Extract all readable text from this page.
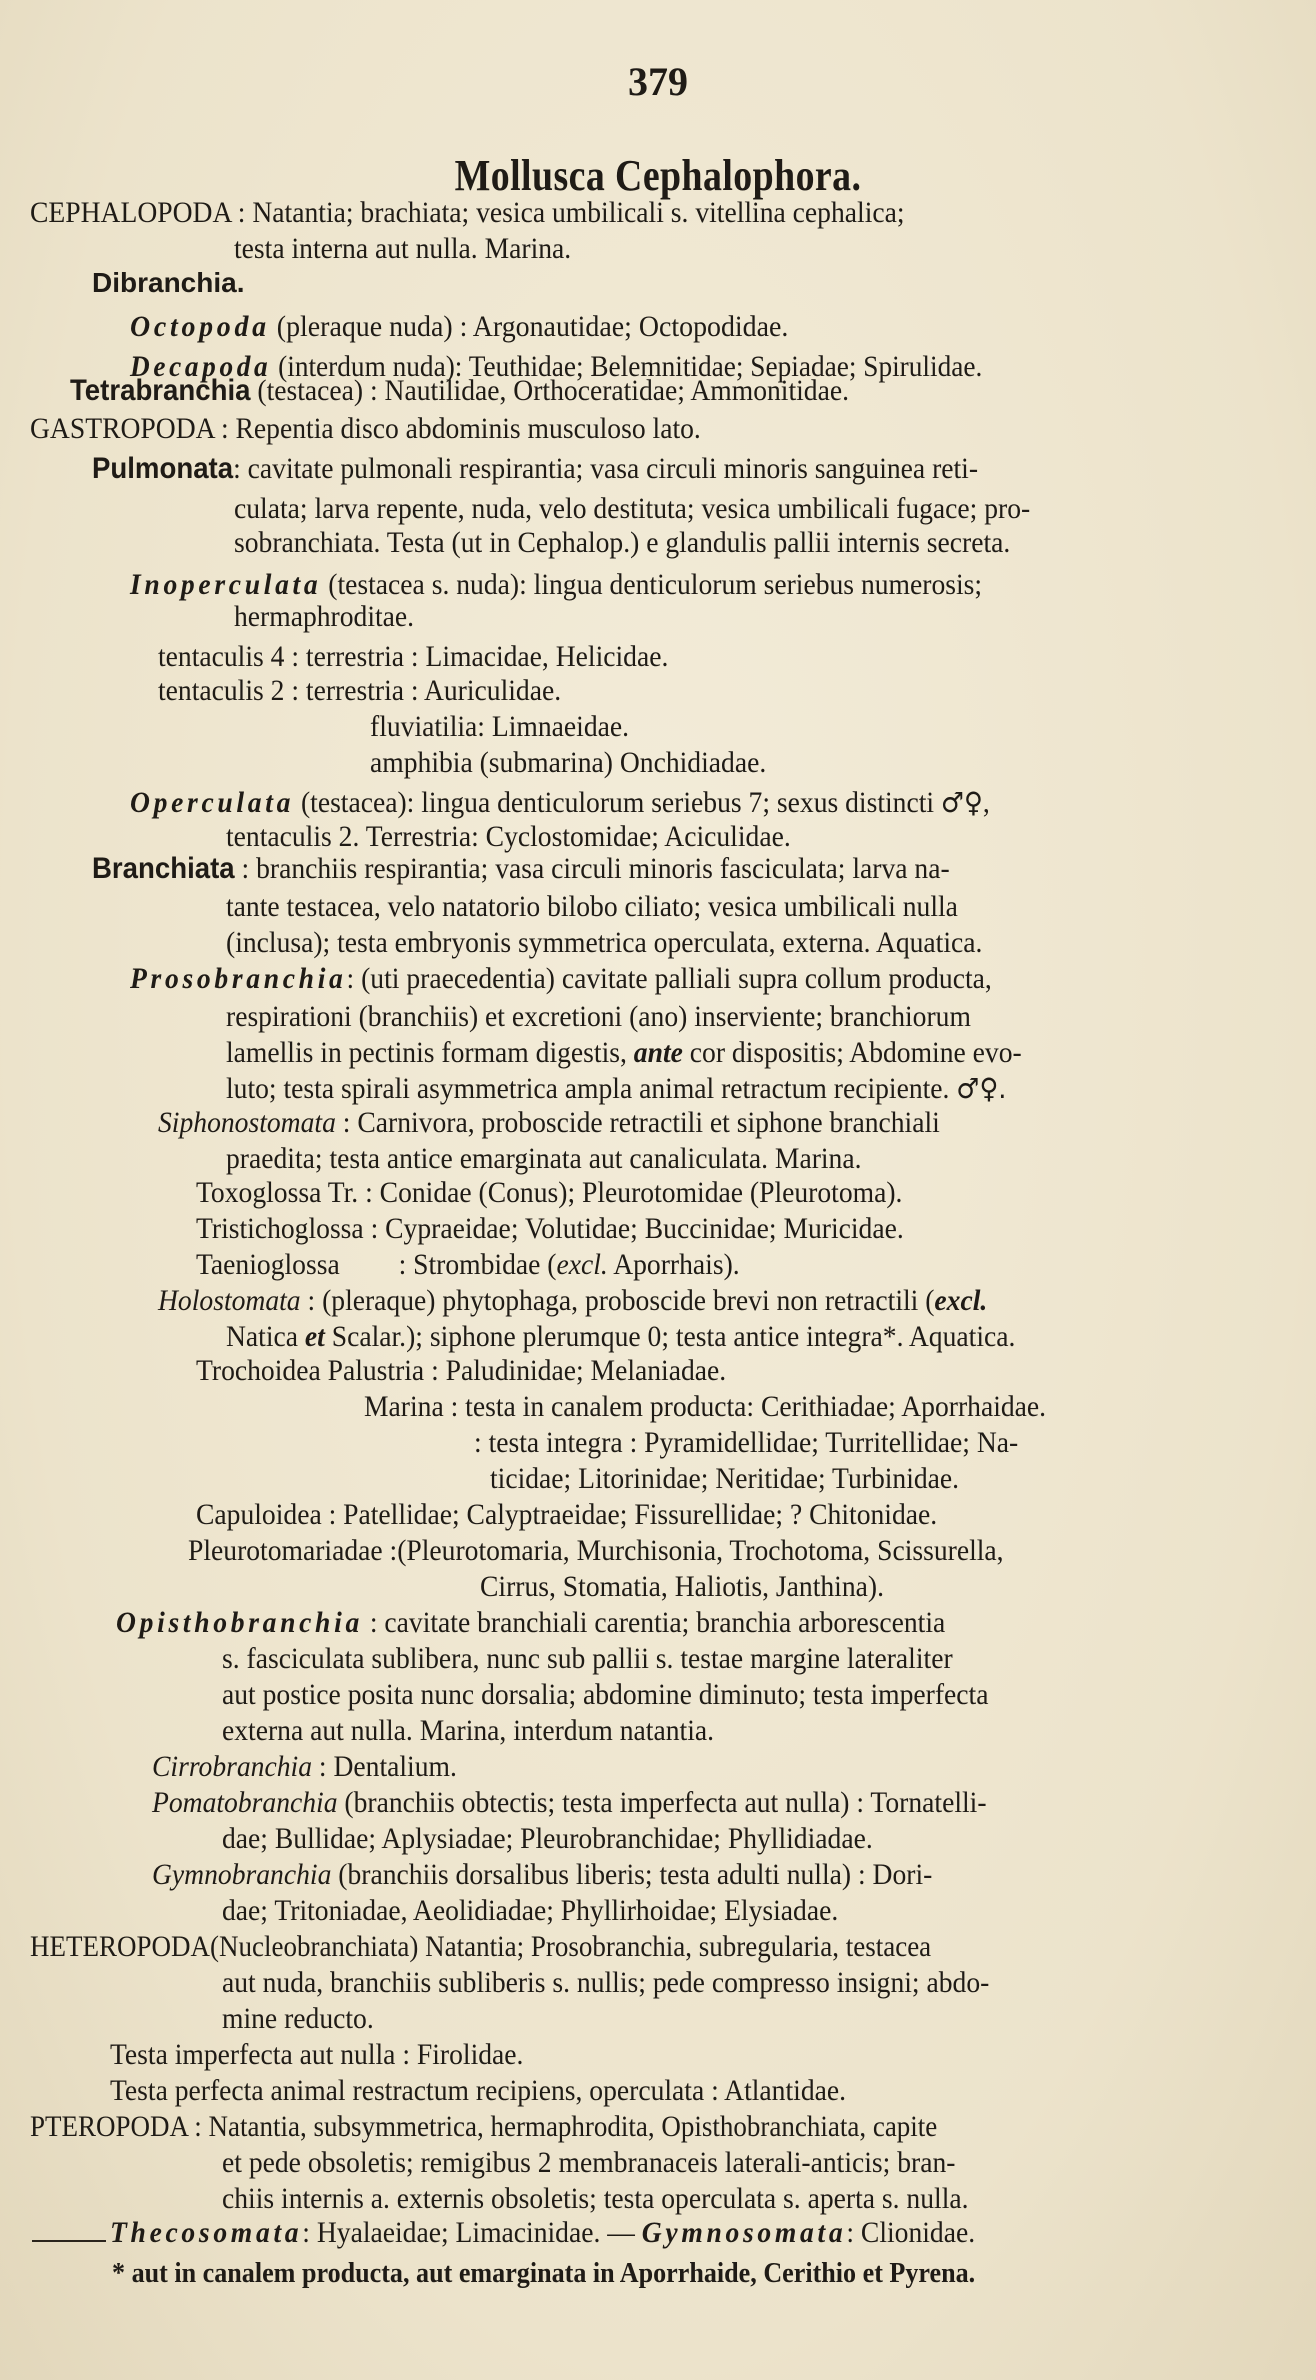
379
Mollusca Cephalophora.
CEPHALOPODA : Natantia; brachiata; vesica umbilicali s. vitellina cephalica;
testa interna aut nulla. Marina.
Dibranchia.
Octopoda (pleraque nuda) : Argonautidae; Octopodidae.
Decapoda (interdum nuda): Teuthidae; Belemnitidae; Sepiadae; Spirulidae.
Tetrabranchia (testacea) : Nautilidae, Orthoceratidae; Ammonitidae.
GASTROPODA : Repentia disco abdominis musculoso lato.
Pulmonata: cavitate pulmonali respirantia; vasa circuli minoris sanguinea reti-
culata; larva repente, nuda, velo destituta; vesica umbilicali fugace; pro-
sobranchiata. Testa (ut in Cephalop.) e glandulis pallii internis secreta.
Inoperculata (testacea s. nuda): lingua denticulorum seriebus numerosis;
hermaphroditae.
tentaculis 4 : terrestria : Limacidae, Helicidae.
tentaculis 2 : terrestria : Auriculidae.
fluviatilia: Limnaeidae.
amphibia (submarina) Onchidiadae.
Operculata (testacea): lingua denticulorum seriebus 7; sexus distincti ♂♀,
tentaculis 2. Terrestria: Cyclostomidae; Aciculidae.
Branchiata : branchiis respirantia; vasa circuli minoris fasciculata; larva na-
tante testacea, velo natatorio bilobo ciliato; vesica umbilicali nulla
(inclusa); testa embryonis symmetrica operculata, externa. Aquatica.
Prosobranchia: (uti praecedentia) cavitate palliali supra collum producta,
respirationi (branchiis) et excretioni (ano) inserviente; branchiorum
lamellis in pectinis formam digestis, ante cor dispositis; Abdomine evo-
luto; testa spirali asymmetrica ampla animal retractum recipiente. ♂♀.
Siphonostomata : Carnivora, proboscide retractili et siphone branchiali
praedita; testa antice emarginata aut canaliculata. Marina.
Toxoglossa Tr. : Conidae (Conus); Pleurotomidae (Pleurotoma).
Tristichoglossa : Cypraeidae; Volutidae; Buccinidae; Muricidae.
Taenioglossa : Strombidae (excl. Aporrhais).
Holostomata : (pleraque) phytophaga, proboscide brevi non retractili (excl.
Natica et Scalar.); siphone plerumque 0; testa antice integra*. Aquatica.
Trochoidea Palustria : Paludinidae; Melaniadae.
Marina : testa in canalem producta: Cerithiadae; Aporrhaidae.
: testa integra : Pyramidellidae; Turritellidae; Na-
ticidae; Litorinidae; Neritidae; Turbinidae.
Capuloidea : Patellidae; Calyptraeidae; Fissurellidae; ? Chitonidae.
Pleurotomariadae :(Pleurotomaria, Murchisonia, Trochotoma, Scissurella,
Cirrus, Stomatia, Haliotis, Janthina).
Opisthobranchia : cavitate branchiali carentia; branchia arborescentia
s. fasciculata sublibera, nunc sub pallii s. testae margine lateraliter
aut postice posita nunc dorsalia; abdomine diminuto; testa imperfecta
externa aut nulla. Marina, interdum natantia.
Cirrobranchia : Dentalium.
Pomatobranchia (branchiis obtectis; testa imperfecta aut nulla) : Tornatelli-
dae; Bullidae; Aplysiadae; Pleurobranchidae; Phyllidiadae.
Gymnobranchia (branchiis dorsalibus liberis; testa adulti nulla) : Dori-
dae; Tritoniadae, Aeolidiadae; Phyllirhoidae; Elysiadae.
HETEROPODA(Nucleobranchiata) Natantia; Prosobranchia, subregularia, testacea
aut nuda, branchiis subliberis s. nullis; pede compresso insigni; abdo-
mine reducto.
Testa imperfecta aut nulla : Firolidae.
Testa perfecta animal restractum recipiens, operculata : Atlantidae.
PTEROPODA : Natantia, subsymmetrica, hermaphrodita, Opisthobranchiata, capite
et pede obsoletis; remigibus 2 membranaceis laterali-anticis; bran-
chiis internis a. externis obsoletis; testa operculata s. aperta s. nulla.
Thecosomata: Hyalaeidae; Limacinidae. — Gymnosomata: Clionidae.
* aut in canalem producta, aut emarginata in Aporrhaide, Cerithio et Pyrena.
